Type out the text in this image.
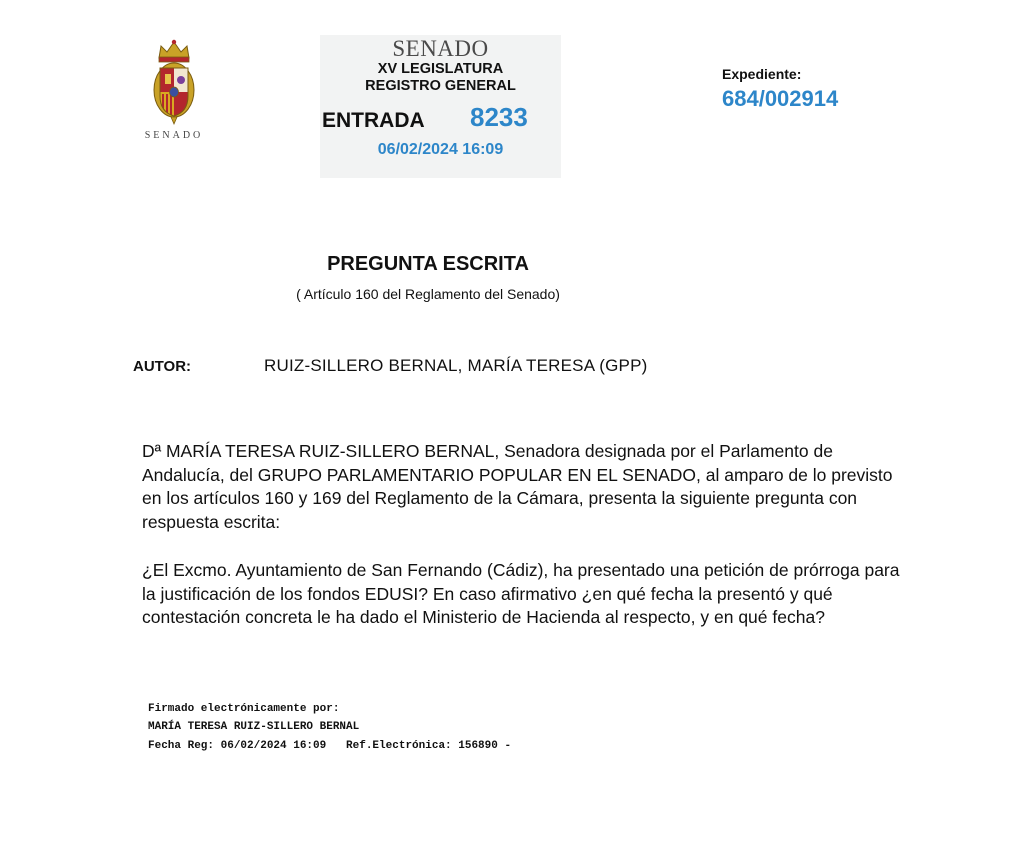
SENADO
SENADO
XV LEGISLATURA
REGISTRO GENERAL
ENTRADA 8233
06/02/2024 16:09
Expediente:
684/002914
PREGUNTA ESCRITA
( Artículo 160 del Reglamento del Senado)
AUTOR:	RUIZ-SILLERO BERNAL, MARÍA TERESA (GPP)

Dª MARÍA TERESA RUIZ-SILLERO BERNAL, Senadora designada por el Parlamento de Andalucía, del GRUPO PARLAMENTARIO POPULAR EN EL SENADO, al amparo de lo previsto en los artículos 160 y 169 del Reglamento de la Cámara, presenta la siguiente pregunta con respuesta escrita:

¿El Excmo. Ayuntamiento de San Fernando (Cádiz), ha presentado una petición de prórroga para la justificación de los fondos EDUSI? En caso afirmativo ¿en qué fecha la presentó y qué contestación concreta le ha dado el Ministerio de Hacienda al respecto, y en qué fecha?

Firmado electrónicamente por:
MARÍA TERESA RUIZ-SILLERO BERNAL
Fecha Reg: 06/02/2024 16:09   Ref.Electrónica: 156890 -
